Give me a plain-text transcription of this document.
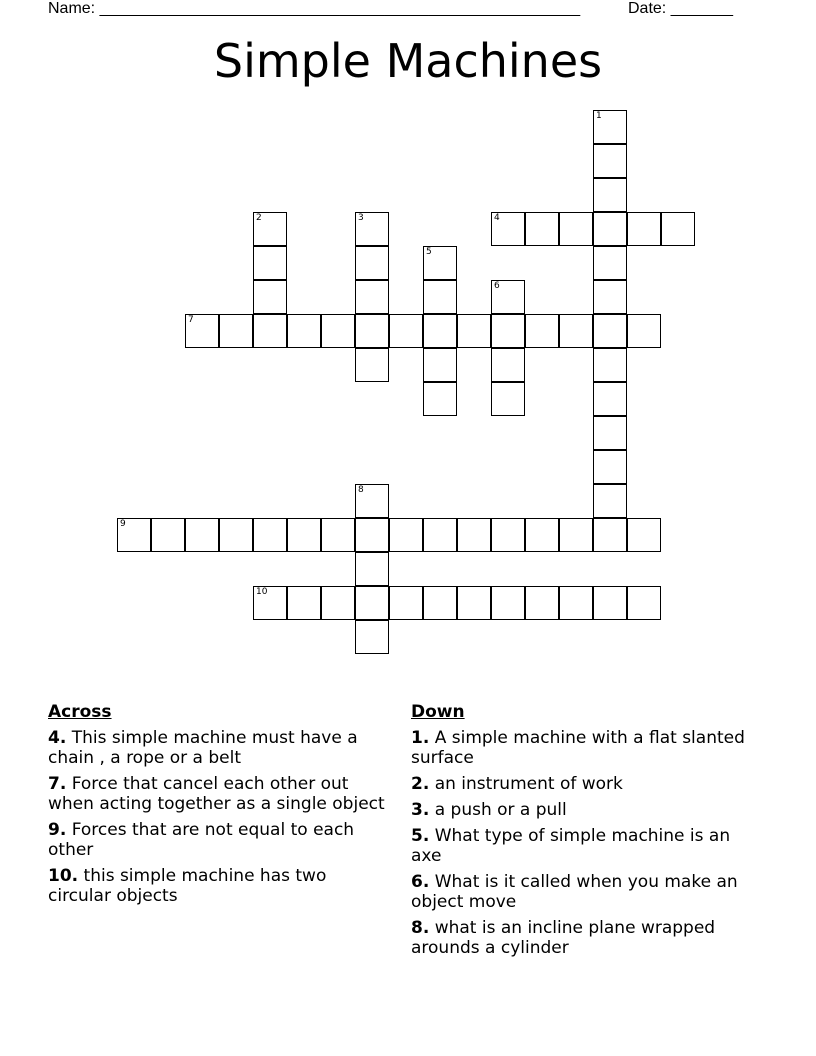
Name: ______________________________________________________	Date: _______
Simple Machines
1
2	3	4
5
6
7
8
9
10
Across
4. This simple machine must have a chain , a rope or a belt
7. Force that cancel each other out when acting together as a single object
9. Forces that are not equal to each other
10. this simple machine has two circular objects
Down
1. A simple machine with a flat slanted surface
2. an instrument of work
3. a push or a pull
5. What type of simple machine is an axe
6. What is it called when you make an object move
8. what is an incline plane wrapped arounds a cylinder
